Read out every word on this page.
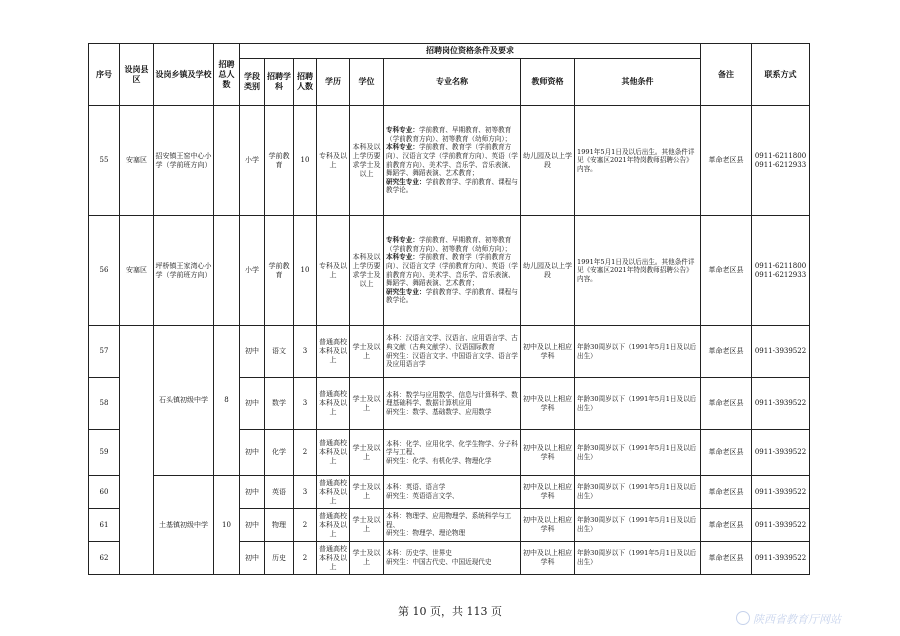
序号	设岗县区	设岗乡镇及学校	招聘总人数	招聘岗位资格条件及要求								备注	联系方式
				学段类别	招聘学科	招聘人数	学历	学位	专业名称	教师资格	其他条件		
55	安塞区	招安镇王窑中心小学（学前班方向）		小学	学前教育	10	专科及以上	本科及以上学历要求学士及以上	专科专业：学前教育、早期教育、初等教育（学前教育方向）、初等教育（幼师方向）；
本科专业：学前教育、教育学（学前教育方向）、汉语言文学（学前教育方向）、英语（学前教育方向）、美术学、音乐学、音乐表演、舞蹈学、舞蹈表演、艺术教育；
研究生专业：学前教育学、学前教育、课程与教学论。	幼儿园及以上学段	1991年5月1日及以后出生。其他条件详见《安塞区2021年特岗教师招聘公告》内容。	革命老区县	0911-6211800 0911-6212933
56	安塞区	坪桥镇王家湾心小学（学前班方向）		小学	学前教育	10	专科及以上	本科及以上学历要求学士及以上	专科专业：学前教育、早期教育、初等教育（学前教育方向）、初等教育（幼师方向）；
本科专业：学前教育、教育学（学前教育方向）、汉语言文学（学前教育方向）、英语（学前教育方向）、美术学、音乐学、音乐表演、舞蹈学、舞蹈表演、艺术教育；
研究生专业：学前教育学、学前教育、课程与教学论。	幼儿园及以上学段	1991年5月1日及以后出生。其他条件详见《安塞区2021年特岗教师招聘公告》内容。	革命老区县	0911-6211800 0911-6212933
57		石头镇初级中学	8	初中	语文	3	普通高校本科及以上	学士及以上	本科：汉语言文学、汉语言、应用语言学、古典文献（古典文献学）、汉语国际教育
研究生：汉语言文字、中国语言文学、语言学及应用语言学	初中及以上相应学科	年龄30周岁以下（1991年5月1日及以后出生）	革命老区县	0911-3939522
58				初中	数学	3	普通高校本科及以上	学士及以上	本科：数学与应用数学、信息与计算科学、数理基础科学、数据计算机应用
研究生：数学、基础数学、应用数学	初中及以上相应学科	年龄30周岁以下（1991年5月1日及以后出生）	革命老区县	0911-3939522
59				初中	化学	2	普通高校本科及以上	学士及以上	本科：化学、应用化学、化学生物学、分子科学与工程、
研究生：化学、有机化学、物理化学	初中及以上相应学科	年龄30周岁以下（1991年5月1日及以后出生）	革命老区县	0911-3939522
60		土基镇初级中学	10	初中	英语	3	普通高校本科及以上	学士及以上	本科：英语、语言学
研究生：英语语言文学、	初中及以上相应学科	年龄30周岁以下（1991年5月1日及以后出生）	革命老区县	0911-3939522
61				初中	物理	2	普通高校本科及以上	学士及以上	本科：物理学、应用物理学、系统科学与工程、
研究生：物理学、理论物理	初中及以上相应学科	年龄30周岁以下（1991年5月1日及以后出生）	革命老区县	0911-3939522
62				初中	历史	2	普通高校本科及以上	学士及以上	本科：历史学、世界史
研究生：中国古代史、中国近现代史	初中及以上相应学科	年龄30周岁以下（1991年5月1日及以后出生）	革命老区县	0911-3939522
第 10 页，共 113 页
陕西省教育厅网站
